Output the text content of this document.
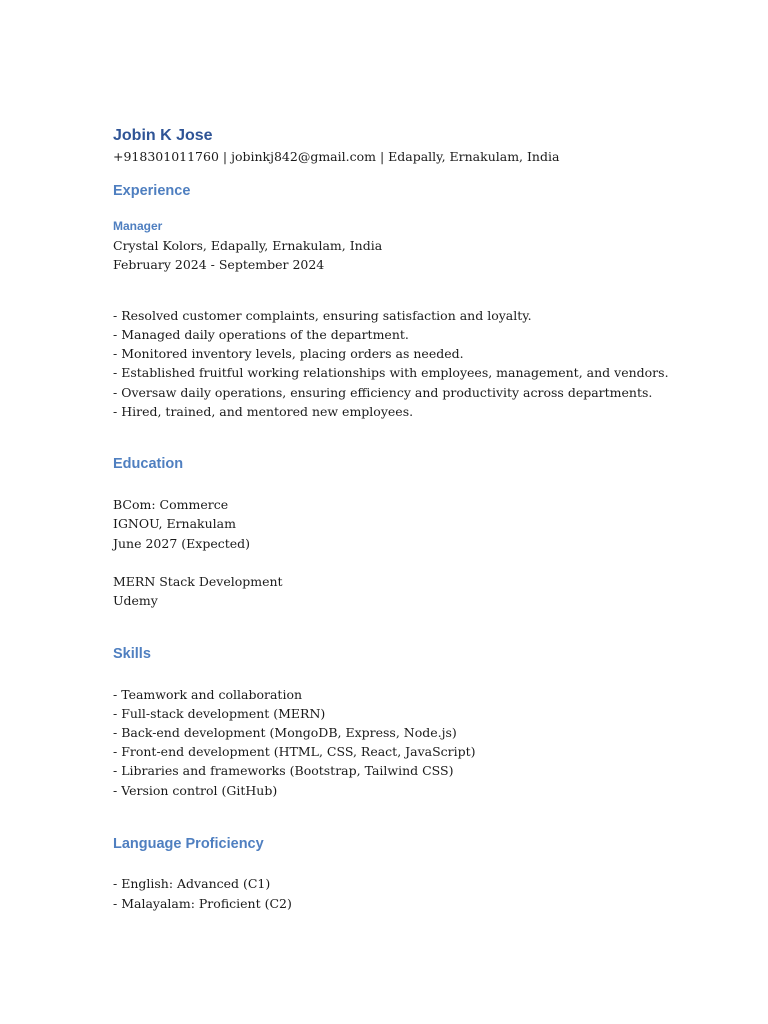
Jobin K Jose
+918301011760 | jobinkj842@gmail.com | Edapally, Ernakulam, India
Experience
Manager
Crystal Kolors, Edapally, Ernakulam, India
February 2024 - September 2024
- Resolved customer complaints, ensuring satisfaction and loyalty.
- Managed daily operations of the department.
- Monitored inventory levels, placing orders as needed.
- Established fruitful working relationships with employees, management, and vendors.
- Oversaw daily operations, ensuring efficiency and productivity across departments.
- Hired, trained, and mentored new employees.
Education
BCom: Commerce
IGNOU, Ernakulam
June 2027 (Expected)
MERN Stack Development
Udemy
Skills
- Teamwork and collaboration
- Full-stack development (MERN)
- Back-end development (MongoDB, Express, Node.js)
- Front-end development (HTML, CSS, React, JavaScript)
- Libraries and frameworks (Bootstrap, Tailwind CSS)
- Version control (GitHub)
Language Proficiency
- English: Advanced (C1)
- Malayalam: Proficient (C2)
